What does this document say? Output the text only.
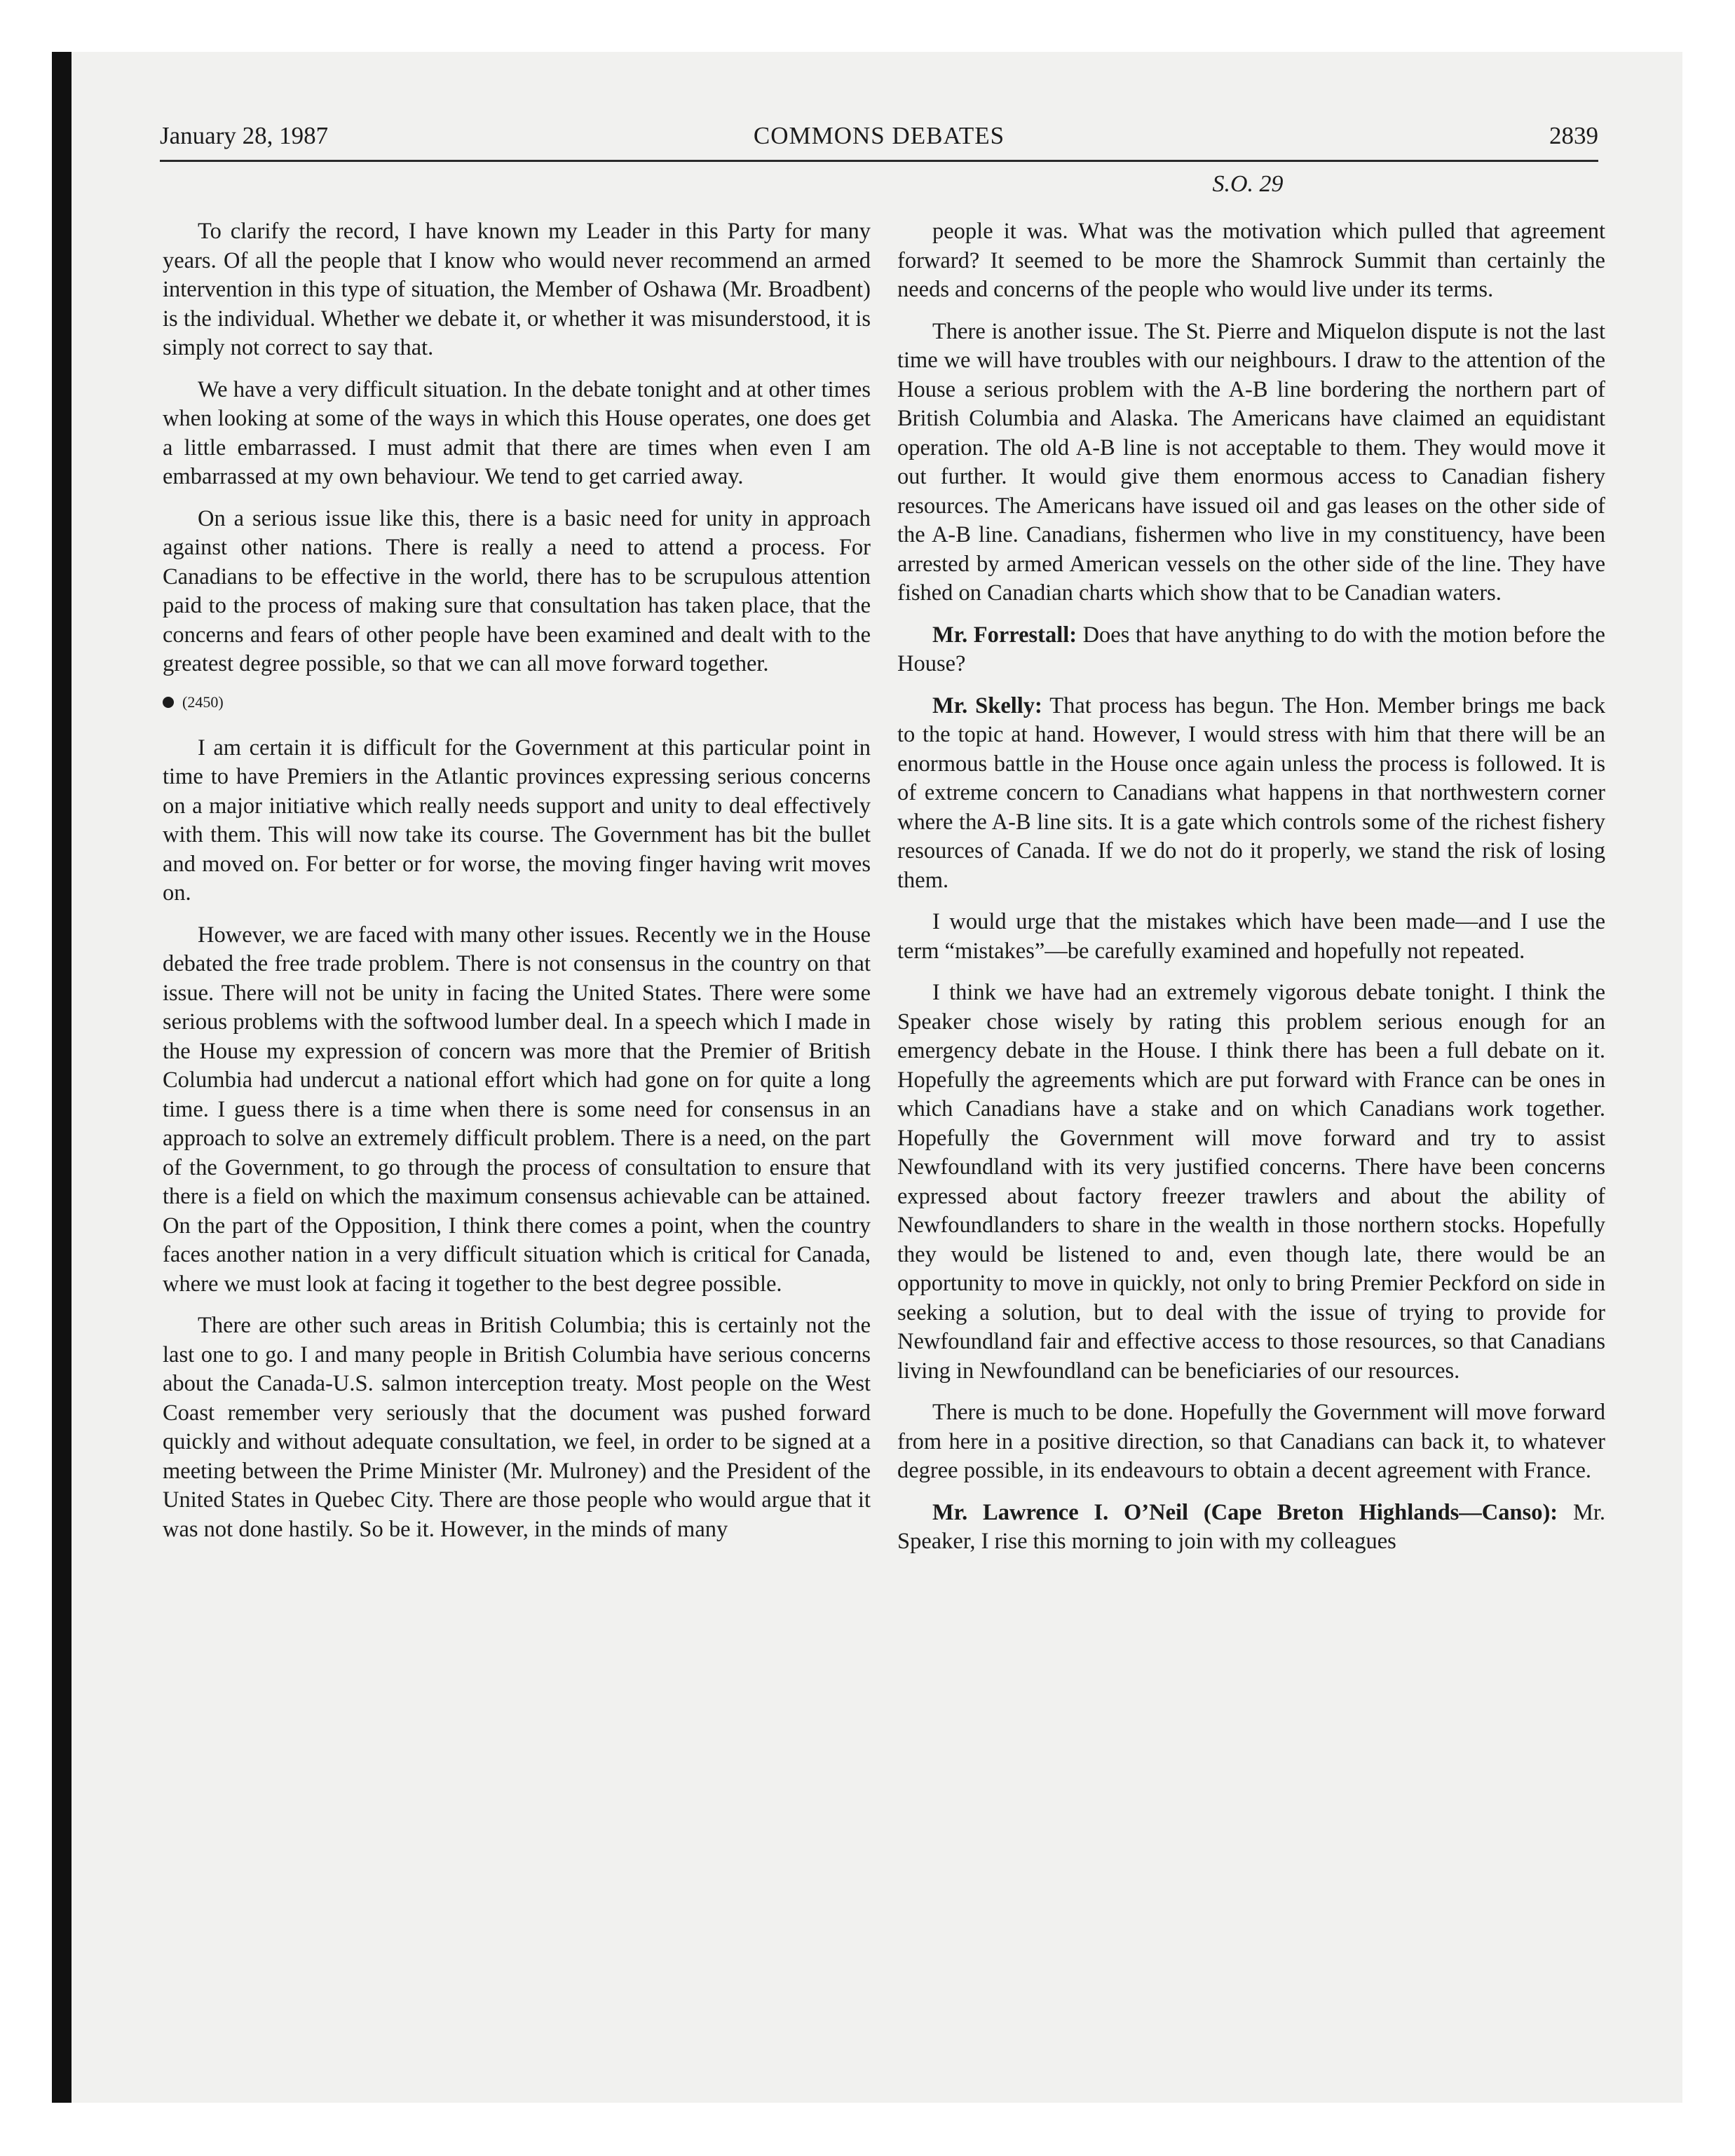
January 28, 1987	COMMONS DEBATES	2839
S.O. 29

To clarify the record, I have known my Leader in this Party for many years. Of all the people that I know who would never recommend an armed intervention in this type of situation, the Member of Oshawa (Mr. Broadbent) is the individual. Whether we debate it, or whether it was misunderstood, it is simply not correct to say that.

We have a very difficult situation. In the debate tonight and at other times when looking at some of the ways in which this House operates, one does get a little embarrassed. I must admit that there are times when even I am embarrassed at my own behaviour. We tend to get carried away.

On a serious issue like this, there is a basic need for unity in approach against other nations. There is really a need to attend a process. For Canadians to be effective in the world, there has to be scrupulous attention paid to the process of making sure that consultation has taken place, that the concerns and fears of other people have been examined and dealt with to the greatest degree possible, so that we can all move forward together.

(2450)

I am certain it is difficult for the Government at this particular point in time to have Premiers in the Atlantic provinces expressing serious concerns on a major initiative which really needs support and unity to deal effectively with them. This will now take its course. The Government has bit the bullet and moved on. For better or for worse, the moving finger having writ moves on.

However, we are faced with many other issues. Recently we in the House debated the free trade problem. There is not consensus in the country on that issue. There will not be unity in facing the United States. There were some serious problems with the softwood lumber deal. In a speech which I made in the House my expression of concern was more that the Premier of British Columbia had undercut a national effort which had gone on for quite a long time. I guess there is a time when there is some need for consensus in an approach to solve an extremely difficult problem. There is a need, on the part of the Government, to go through the process of consultation to ensure that there is a field on which the maximum consensus achievable can be attained. On the part of the Opposition, I think there comes a point, when the country faces another nation in a very difficult situation which is critical for Canada, where we must look at facing it together to the best degree possible.

There are other such areas in British Columbia; this is certainly not the last one to go. I and many people in British Columbia have serious concerns about the Canada-U.S. salmon interception treaty. Most people on the West Coast remember very seriously that the document was pushed forward quickly and without adequate consultation, we feel, in order to be signed at a meeting between the Prime Minister (Mr. Mulroney) and the President of the United States in Quebec City. There are those people who would argue that it was not done hastily. So be it. However, in the minds of many

people it was. What was the motivation which pulled that agreement forward? It seemed to be more the Shamrock Summit than certainly the needs and concerns of the people who would live under its terms.

There is another issue. The St. Pierre and Miquelon dispute is not the last time we will have troubles with our neighbours. I draw to the attention of the House a serious problem with the A-B line bordering the northern part of British Columbia and Alaska. The Americans have claimed an equidistant operation. The old A-B line is not acceptable to them. They would move it out further. It would give them enormous access to Canadian fishery resources. The Americans have issued oil and gas leases on the other side of the A-B line. Canadians, fishermen who live in my constituency, have been arrested by armed American vessels on the other side of the line. They have fished on Canadian charts which show that to be Canadian waters.

Mr. Forrestall: Does that have anything to do with the motion before the House?

Mr. Skelly: That process has begun. The Hon. Member brings me back to the topic at hand. However, I would stress with him that there will be an enormous battle in the House once again unless the process is followed. It is of extreme concern to Canadians what happens in that northwestern corner where the A-B line sits. It is a gate which controls some of the richest fishery resources of Canada. If we do not do it properly, we stand the risk of losing them.

I would urge that the mistakes which have been made—and I use the term “mistakes”—be carefully examined and hopefully not repeated.

I think we have had an extremely vigorous debate tonight. I think the Speaker chose wisely by rating this problem serious enough for an emergency debate in the House. I think there has been a full debate on it. Hopefully the agreements which are put forward with France can be ones in which Canadians have a stake and on which Canadians work together. Hopefully the Government will move forward and try to assist Newfoundland with its very justified concerns. There have been concerns expressed about factory freezer trawlers and about the ability of Newfoundlanders to share in the wealth in those northern stocks. Hopefully they would be listened to and, even though late, there would be an opportunity to move in quickly, not only to bring Premier Peckford on side in seeking a solution, but to deal with the issue of trying to provide for Newfoundland fair and effective access to those resources, so that Canadians living in Newfoundland can be beneficiaries of our resources.

There is much to be done. Hopefully the Government will move forward from here in a positive direction, so that Canadians can back it, to whatever degree possible, in its endeavours to obtain a decent agreement with France.

Mr. Lawrence I. O’Neil (Cape Breton Highlands—Canso): Mr. Speaker, I rise this morning to join with my colleagues
